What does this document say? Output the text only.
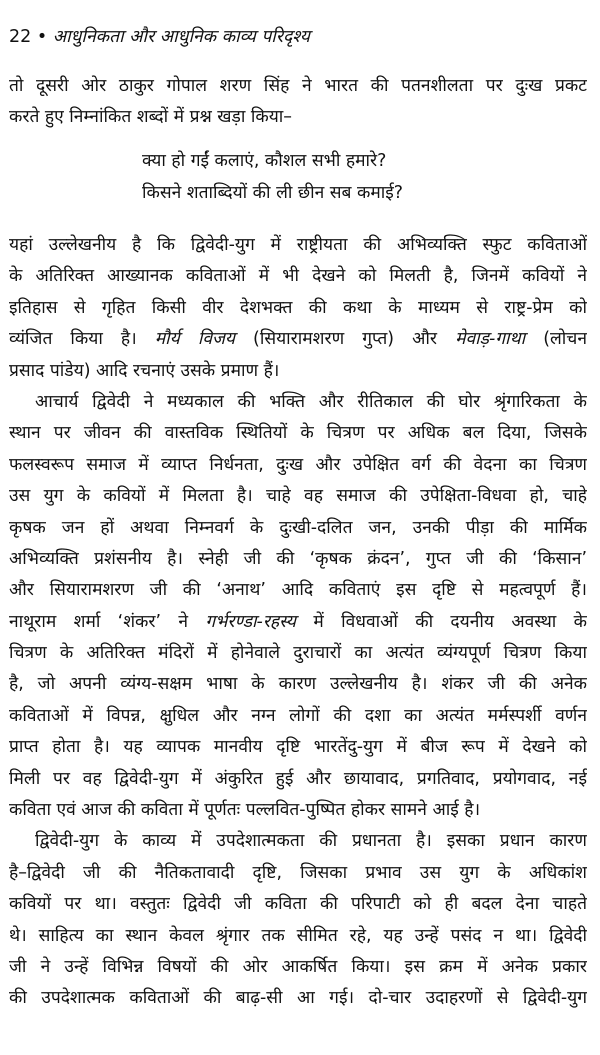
22 • आधुनिकता और आधुनिक काव्य परिदृश्य
तो दूसरी ओर ठाकुर गोपाल शरण सिंह ने भारत की पतनशीलता पर दुःख प्रकट
करते हुए निम्नांकित शब्दों में प्रश्न खड़ा किया–
क्या हो गईं कलाएं, कौशल सभी हमारे?
किसने शताब्दियों की ली छीन सब कमाई?
यहां उल्लेखनीय है कि द्विवेदी-युग में राष्ट्रीयता की अभिव्यक्ति स्फुट कविताओं
के अतिरिक्त आख्यानक कविताओं में भी देखने को मिलती है, जिनमें कवियों ने
इतिहास से गृहित किसी वीर देशभक्त की कथा के माध्यम से राष्ट्र-प्रेम को
व्यंजित किया है। मौर्य विजय (सियारामशरण गुप्त) और मेवाड़-गाथा (लोचन
प्रसाद पांडेय) आदि रचनाएं उसके प्रमाण हैं।
आचार्य द्विवेदी ने मध्यकाल की भक्ति और रीतिकाल की घोर श्रृंगारिकता के
स्थान पर जीवन की वास्तविक स्थितियों के चित्रण पर अधिक बल दिया, जिसके
फलस्वरूप समाज में व्याप्त निर्धनता, दुःख और उपेक्षित वर्ग की वेदना का चित्रण
उस युग के कवियों में मिलता है। चाहे वह समाज की उपेक्षिता-विधवा हो, चाहे
कृषक जन हों अथवा निम्नवर्ग के दुःखी-दलित जन, उनकी पीड़ा की मार्मिक
अभिव्यक्ति प्रशंसनीय है। स्नेही जी की ‘कृषक क्रंदन’, गुप्त जी की ‘किसान’
और सियारामशरण जी की ‘अनाथ’ आदि कविताएं इस दृष्टि से महत्वपूर्ण हैं।
नाथूराम शर्मा ‘शंकर’ ने गर्भरण्डा-रहस्य में विधवाओं की दयनीय अवस्था के
चित्रण के अतिरिक्त मंदिरों में होनेवाले दुराचारों का अत्यंत व्यंग्यपूर्ण चित्रण किया
है, जो अपनी व्यंग्य-सक्षम भाषा के कारण उल्लेखनीय है। शंकर जी की अनेक
कविताओं में विपन्न, क्षुधिल और नग्न लोगों की दशा का अत्यंत मर्मस्पर्शी वर्णन
प्राप्त होता है। यह व्यापक मानवीय दृष्टि भारतेंदु-युग में बीज रूप में देखने को
मिली पर वह द्विवेदी-युग में अंकुरित हुई और छायावाद, प्रगतिवाद, प्रयोगवाद, नई
कविता एवं आज की कविता में पूर्णतः पल्लवित-पुष्पित होकर सामने आई है।
द्विवेदी-युग के काव्य में उपदेशात्मकता की प्रधानता है। इसका प्रधान कारण
है–द्विवेदी जी की नैतिकतावादी दृष्टि, जिसका प्रभाव उस युग के अधिकांश
कवियों पर था। वस्तुतः द्विवेदी जी कविता की परिपाटी को ही बदल देना चाहते
थे। साहित्य का स्थान केवल श्रृंगार तक सीमित रहे, यह उन्हें पसंद न था। द्विवेदी
जी ने उन्हें विभिन्न विषयों की ओर आकर्षित किया। इस क्रम में अनेक प्रकार
की उपदेशात्मक कविताओं की बाढ़-सी आ गई। दो-चार उदाहरणों से द्विवेदी-युग
